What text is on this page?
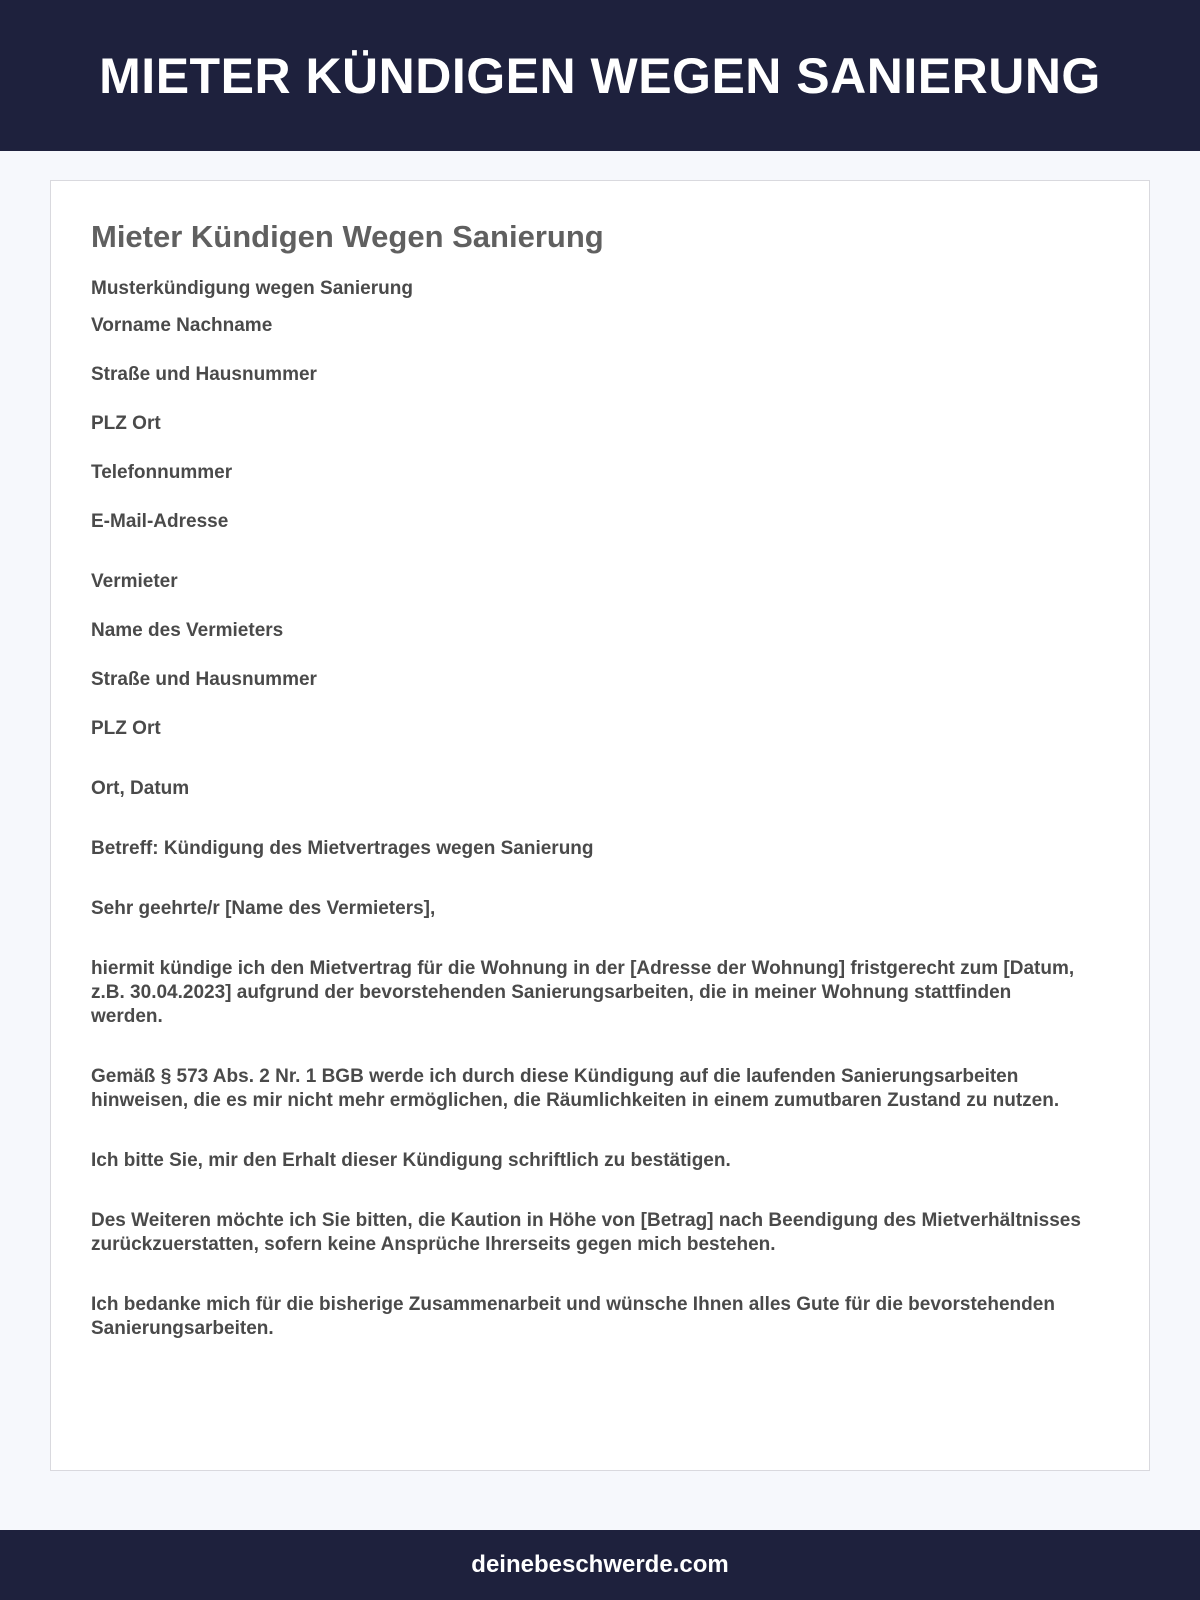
MIETER KÜNDIGEN WEGEN SANIERUNG
Mieter Kündigen Wegen Sanierung
Musterkündigung wegen Sanierung
Vorname Nachname
Straße und Hausnummer
PLZ Ort
Telefonnummer
E-Mail-Adresse
Vermieter
Name des Vermieters
Straße und Hausnummer
PLZ Ort
Ort, Datum
Betreff: Kündigung des Mietvertrages wegen Sanierung
Sehr geehrte/r [Name des Vermieters],

hiermit kündige ich den Mietvertrag für die Wohnung in der [Adresse der Wohnung] fristgerecht zum [Datum, z.B. 30.04.2023] aufgrund der bevorstehenden Sanierungsarbeiten, die in meiner Wohnung stattfinden werden.

Gemäß § 573 Abs. 2 Nr. 1 BGB werde ich durch diese Kündigung auf die laufenden Sanierungsarbeiten hinweisen, die es mir nicht mehr ermöglichen, die Räumlichkeiten in einem zumutbaren Zustand zu nutzen.

Ich bitte Sie, mir den Erhalt dieser Kündigung schriftlich zu bestätigen.

Des Weiteren möchte ich Sie bitten, die Kaution in Höhe von [Betrag] nach Beendigung des Mietverhältnisses zurückzuerstatten, sofern keine Ansprüche Ihrerseits gegen mich bestehen.

Ich bedanke mich für die bisherige Zusammenarbeit und wünsche Ihnen alles Gute für die bevorstehenden Sanierungsarbeiten.

deinebeschwerde.com
